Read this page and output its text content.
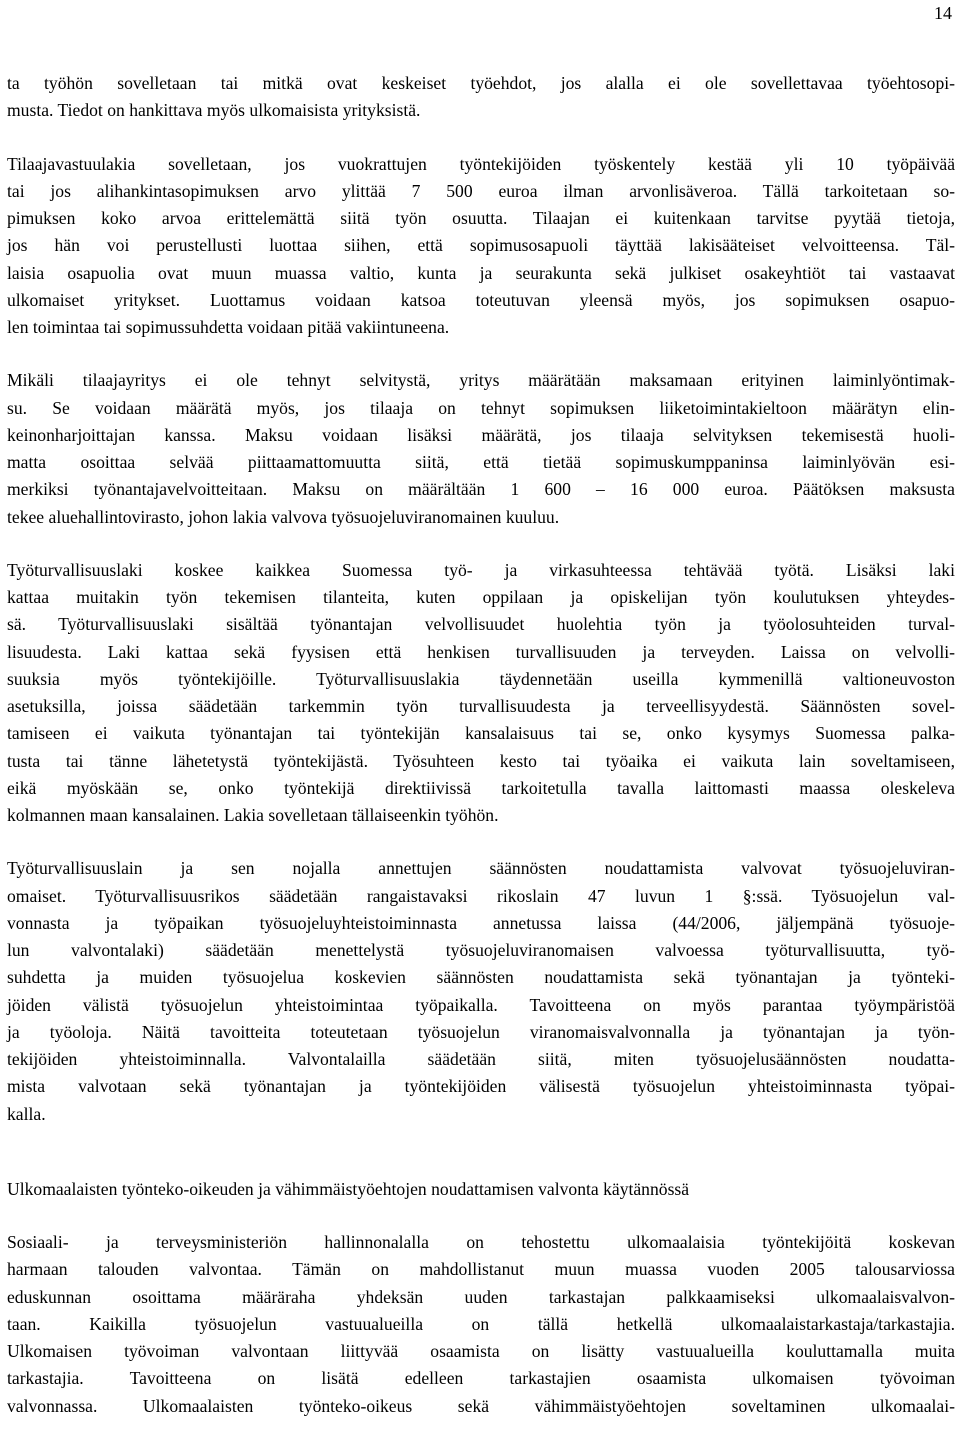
14
ta työhön sovelletaan tai mitkä ovat keskeiset työehdot, jos alalla ei ole sovellettavaa työehtosopi-
musta. Tiedot on hankittava myös ulkomaisista yrityksistä.
Tilaajavastuulakia sovelletaan, jos vuokrattujen työntekijöiden työskentely kestää yli 10 työpäivää
tai jos alihankintasopimuksen arvo ylittää 7 500 euroa ilman arvonlisäveroa. Tällä tarkoitetaan so-
pimuksen koko arvoa erittelemättä siitä työn osuutta. Tilaajan ei kuitenkaan tarvitse pyytää tietoja,
jos hän voi perustellusti luottaa siihen, että sopimusosapuoli täyttää lakisääteiset velvoitteensa. Täl-
laisia osapuolia ovat muun muassa valtio, kunta ja seurakunta sekä julkiset osakeyhtiöt tai vastaavat
ulkomaiset yritykset. Luottamus voidaan katsoa toteutuvan yleensä myös, jos sopimuksen osapuo-
len toimintaa tai sopimussuhdetta voidaan pitää vakiintuneena.
Mikäli tilaajayritys ei ole tehnyt selvitystä, yritys määrätään maksamaan erityinen laiminlyöntimak-
su. Se voidaan määrätä myös, jos tilaaja on tehnyt sopimuksen liiketoimintakieltoon määrätyn elin-
keinonharjoittajan kanssa. Maksu voidaan lisäksi määrätä, jos tilaaja selvityksen tekemisestä huoli-
matta osoittaa selvää piittaamattomuutta siitä, että tietää sopimuskumppaninsa laiminlyövän esi-
merkiksi työnantajavelvoitteitaan. Maksu on määrältään 1 600 – 16 000 euroa. Päätöksen maksusta
tekee aluehallintovirasto, johon lakia valvova työsuojeluviranomainen kuuluu.
Työturvallisuuslaki koskee kaikkea Suomessa työ- ja virkasuhteessa tehtävää työtä. Lisäksi laki
kattaa muitakin työn tekemisen tilanteita, kuten oppilaan ja opiskelijan työn koulutuksen yhteydes-
sä. Työturvallisuuslaki sisältää työnantajan velvollisuudet huolehtia työn ja työolosuhteiden turval-
lisuudesta. Laki kattaa sekä fyysisen että henkisen turvallisuuden ja terveyden. Laissa on velvolli-
suuksia myös työntekijöille. Työturvallisuuslakia täydennetään useilla kymmenillä valtioneuvoston
asetuksilla, joissa säädetään tarkemmin työn turvallisuudesta ja terveellisyydestä. Säännösten sovel-
tamiseen ei vaikuta työnantajan tai työntekijän kansalaisuus tai se, onko kysymys Suomessa palka-
tusta tai tänne lähetetystä työntekijästä. Työsuhteen kesto tai työaika ei vaikuta lain soveltamiseen,
eikä myöskään se, onko työntekijä direktiivissä tarkoitetulla tavalla laittomasti maassa oleskeleva
kolmannen maan kansalainen. Lakia sovelletaan tällaiseenkin työhön.
Työturvallisuuslain ja sen nojalla annettujen säännösten noudattamista valvovat työsuojeluviran-
omaiset. Työturvallisuusrikos säädetään rangaistavaksi rikoslain 47 luvun 1 §:ssä. Työsuojelun val-
vonnasta ja työpaikan työsuojeluyhteistoiminnasta annetussa laissa (44/2006, jäljempänä työsuoje-
lun valvontalaki) säädetään menettelystä työsuojeluviranomaisen valvoessa työturvallisuutta, työ-
suhdetta ja muiden työsuojelua koskevien säännösten noudattamista sekä työnantajan ja työnteki-
jöiden välistä työsuojelun yhteistoimintaa työpaikalla. Tavoitteena on myös parantaa työympäristöä
ja työoloja. Näitä tavoitteita toteutetaan työsuojelun viranomaisvalvonnalla ja työnantajan ja työn-
tekijöiden yhteistoiminnalla. Valvontalailla säädetään siitä, miten työsuojelusäännösten noudatta-
mista valvotaan sekä työnantajan ja työntekijöiden välisestä työsuojelun yhteistoiminnasta työpai-
kalla.
Ulkomaalaisten työnteko-oikeuden ja vähimmäistyöehtojen noudattamisen valvonta käytännössä
Sosiaali- ja terveysministeriön hallinnonalalla on tehostettu ulkomaalaisia työntekijöitä koskevan
harmaan talouden valvontaa. Tämän on mahdollistanut muun muassa vuoden 2005 talousarviossa
eduskunnan osoittama määräraha yhdeksän uuden tarkastajan palkkaamiseksi ulkomaalaisvalvon-
taan. Kaikilla työsuojelun vastuualueilla on tällä hetkellä ulkomaalaistarkastaja/tarkastajia.
Ulkomaisen työvoiman valvontaan liittyvää osaamista on lisätty vastuualueilla kouluttamalla muita
tarkastajia. Tavoitteena on lisätä edelleen tarkastajien osaamista ulkomaisen työvoiman
valvonnassa. Ulkomaalaisten työnteko-oikeus sekä vähimmäistyöehtojen soveltaminen ulkomaalai-
